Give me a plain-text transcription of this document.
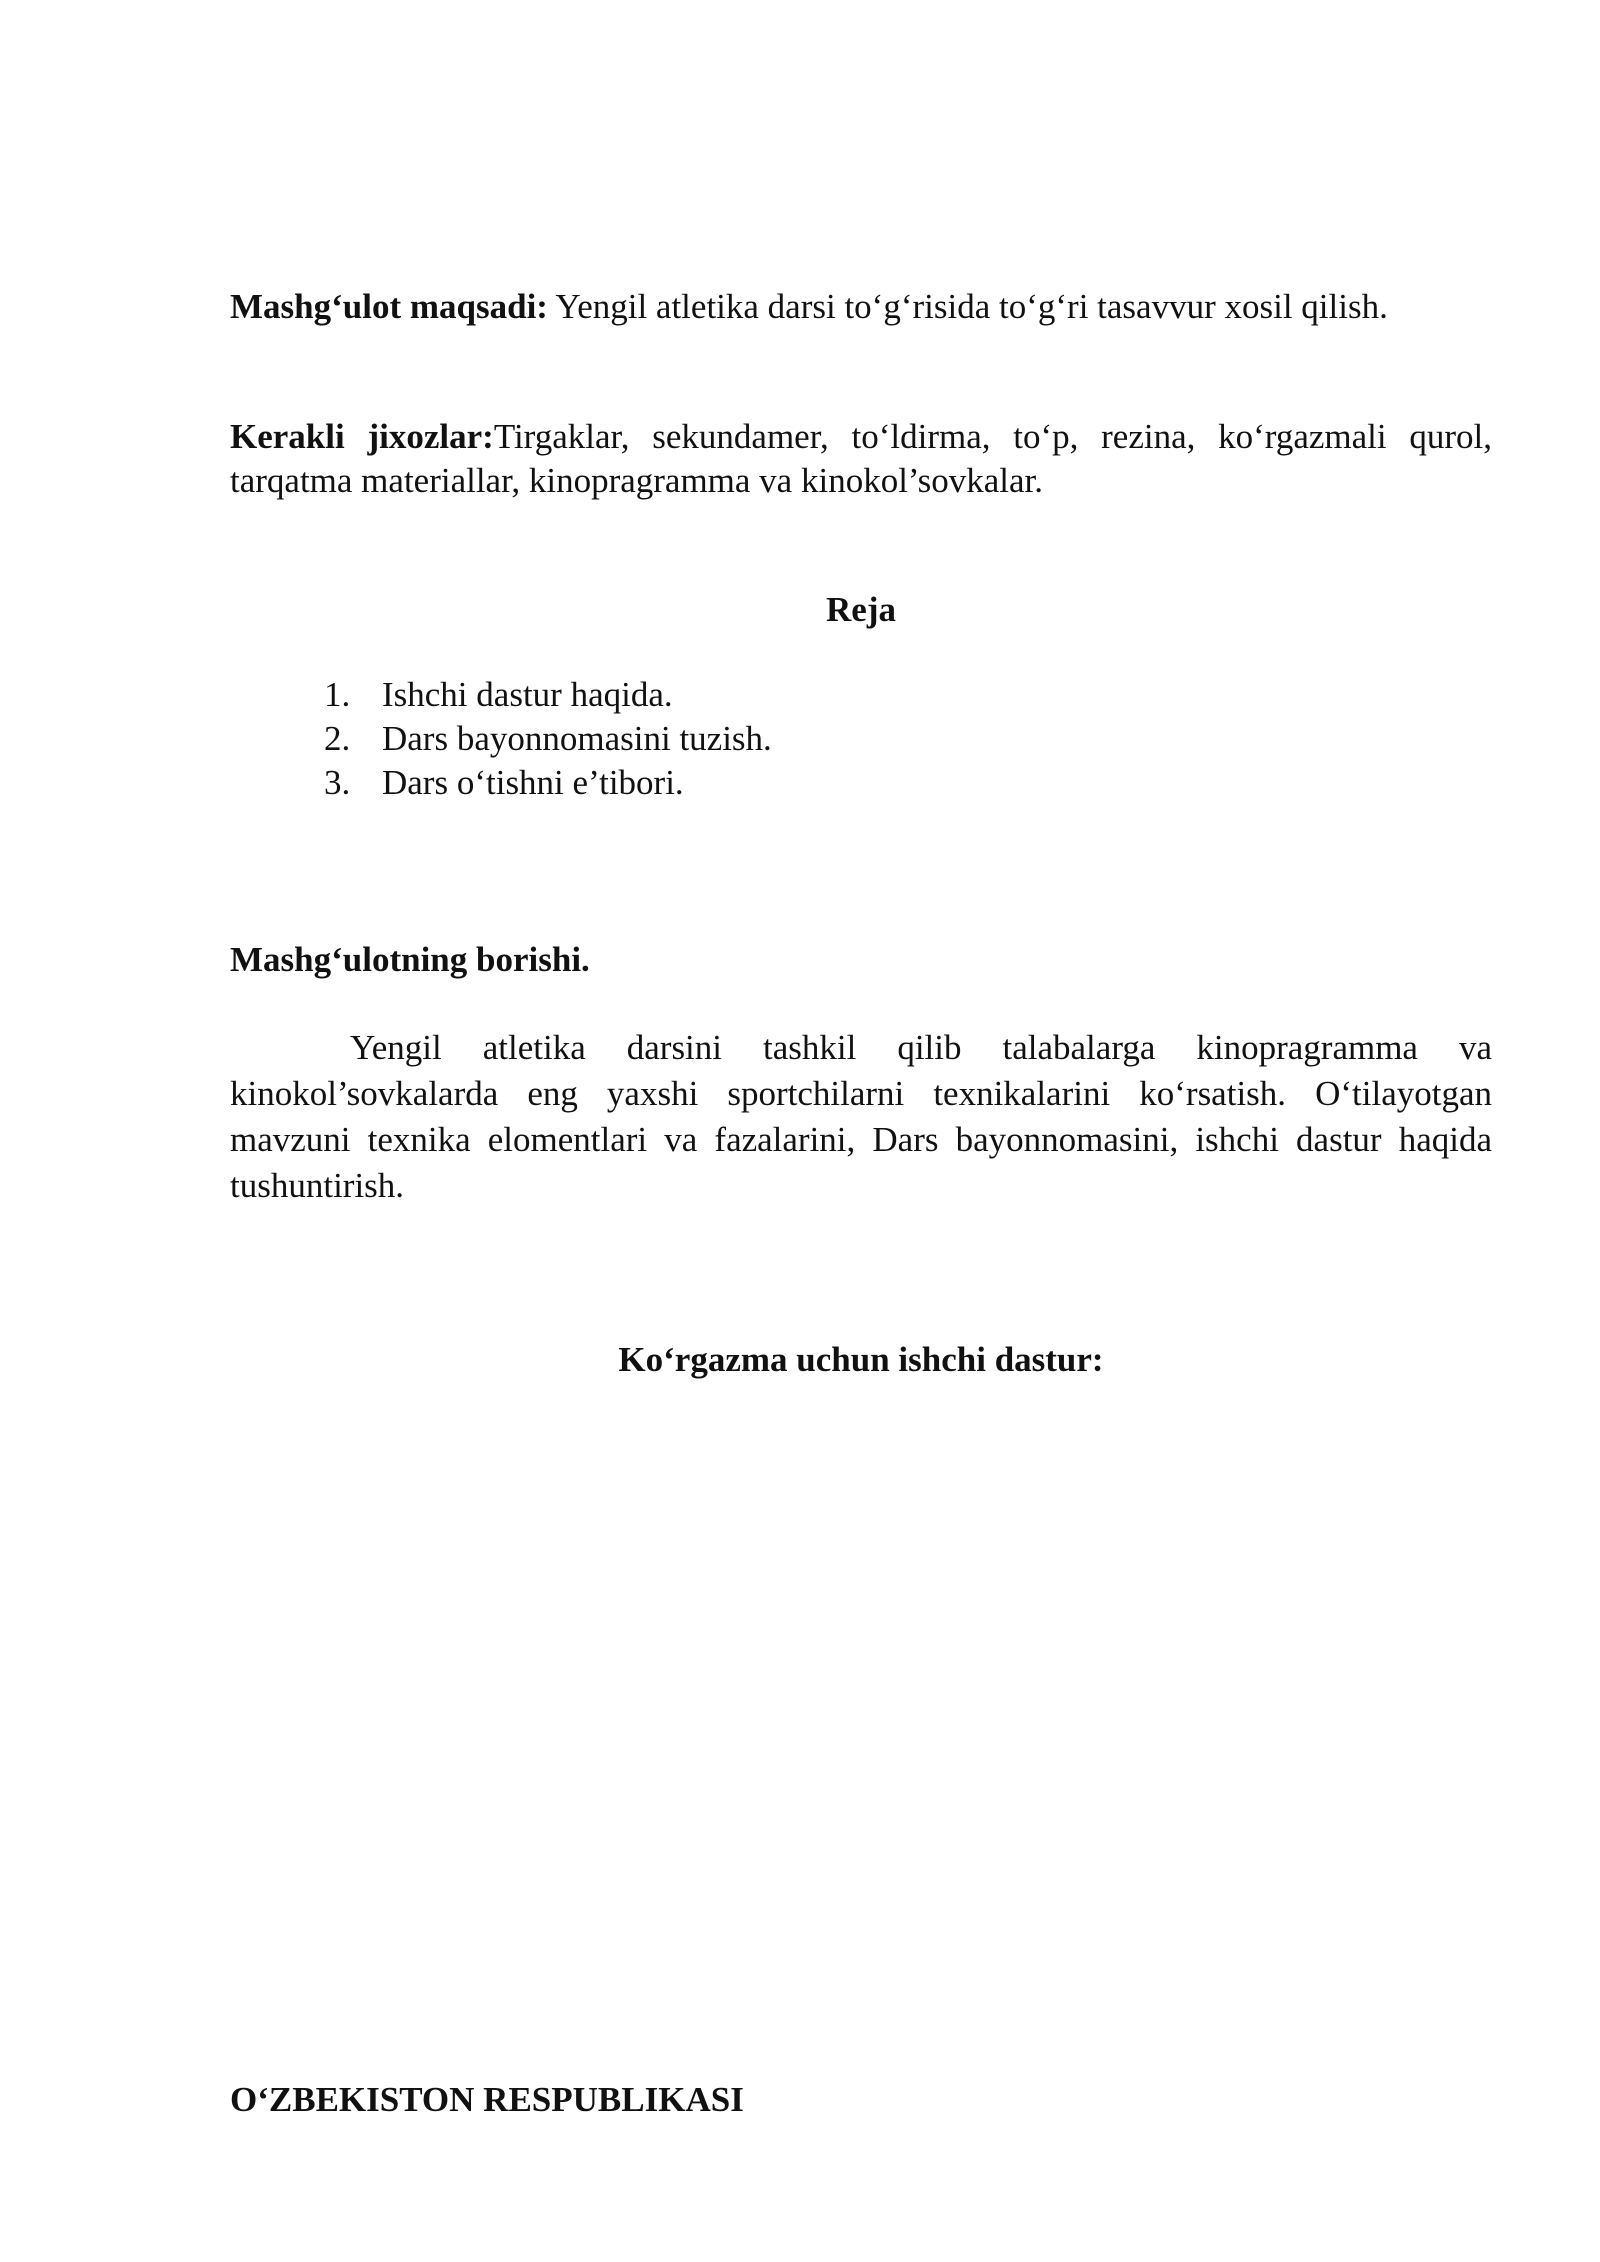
Mashg‘ulot maqsadi: Yengil atletika darsi to‘g‘risida to‘g‘ri tasavvur xosil qilish.
Kerakli jixozlar:Tirgaklar, sekundamer, to‘ldirma, to‘p, rezina, ko‘rgazmali qurol, tarqatma materiallar, kinopragramma va kinokol’sovkalar.
Reja
1. Ishchi dastur haqida.
2. Dars bayonnomasini tuzish.
3. Dars o‘tishni e’tibori.
Mashg‘ulotning borishi.
Yengil atletika darsini tashkil qilib talabalarga kinopragramma va kinokol’sovkalarda eng yaxshi sportchilarni texnikalarini ko‘rsatish. O‘tilayotgan mavzuni texnika elomentlari va fazalarini, Dars bayonnomasini, ishchi dastur haqida tushuntirish.
Ko‘rgazma uchun ishchi dastur:
O‘ZBEKISTON RESPUBLIKASI
